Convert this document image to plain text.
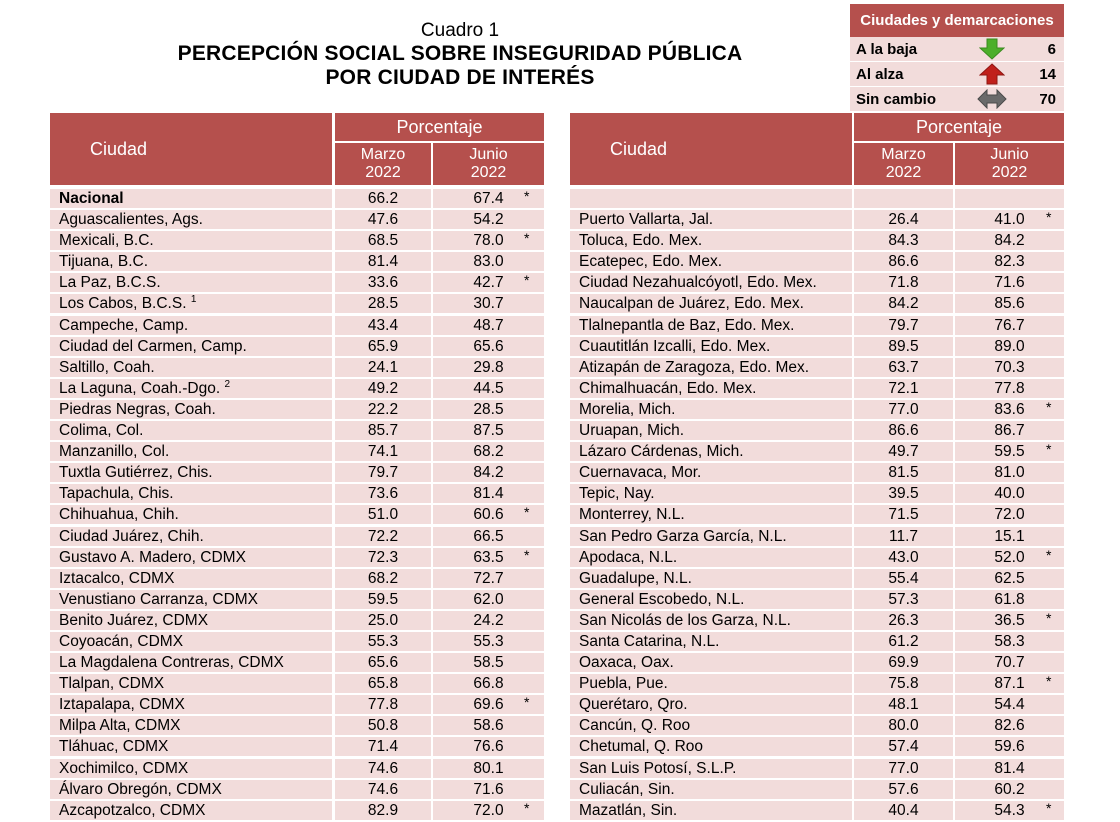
Cuadro 1
PERCEPCIÓN SOCIAL SOBRE INSEGURIDAD PÚBLICA
POR CIUDAD DE INTERÉS
Ciudades y demarcaciones
A la baja	6
Al alza	14
Sin cambio	70
Ciudad
Porcentaje
Marzo
2022
Junio
2022
Nacional	66.2	67.4	*
Aguascalientes, Ags.	47.6	54.2
Mexicali, B.C.	68.5	78.0	*
Tijuana, B.C.	81.4	83.0
La Paz, B.C.S.	33.6	42.7	*
Los Cabos, B.C.S. $^1$	28.5	30.7
Campeche, Camp.	43.4	48.7
Ciudad del Carmen, Camp.	65.9	65.6
Saltillo, Coah.	24.1	29.8
La Laguna, Coah.-Dgo. $^2$	49.2	44.5
Piedras Negras, Coah.	22.2	28.5
Colima, Col.	85.7	87.5
Manzanillo, Col.	74.1	68.2
Tuxtla Gutiérrez, Chis.	79.7	84.2
Tapachula, Chis.	73.6	81.4
Chihuahua, Chih.	51.0	60.6	*
Ciudad Juárez, Chih.	72.2	66.5
Gustavo A. Madero, CDMX	72.3	63.5	*
Iztacalco, CDMX	68.2	72.7
Venustiano Carranza, CDMX	59.5	62.0
Benito Juárez, CDMX	25.0	24.2
Coyoacán, CDMX	55.3	55.3
La Magdalena Contreras, CDMX	65.6	58.5
Tlalpan, CDMX	65.8	66.8
Iztapalapa, CDMX	77.8	69.6	*
Milpa Alta, CDMX	50.8	58.6
Tláhuac, CDMX	71.4	76.6
Xochimilco, CDMX	74.6	80.1
Álvaro Obregón, CDMX	74.6	71.6
Azcapotzalco, CDMX	82.9	72.0	*
Ciudad
Porcentaje
Marzo
2022
Junio
2022
Puerto Vallarta, Jal.	26.4	41.0	*
Toluca, Edo. Mex.	84.3	84.2
Ecatepec, Edo. Mex.	86.6	82.3
Ciudad Nezahualcóyotl, Edo. Mex.	71.8	71.6
Naucalpan de Juárez, Edo. Mex.	84.2	85.6
Tlalnepantla de Baz, Edo. Mex.	79.7	76.7
Cuautitlán Izcalli, Edo. Mex.	89.5	89.0
Atizapán de Zaragoza, Edo. Mex.	63.7	70.3
Chimalhuacán, Edo. Mex.	72.1	77.8
Morelia, Mich.	77.0	83.6	*
Uruapan, Mich.	86.6	86.7
Lázaro Cárdenas, Mich.	49.7	59.5	*
Cuernavaca, Mor.	81.5	81.0
Tepic, Nay.	39.5	40.0
Monterrey, N.L.	71.5	72.0
San Pedro Garza García, N.L.	11.7	15.1
Apodaca, N.L.	43.0	52.0	*
Guadalupe, N.L.	55.4	62.5
General Escobedo, N.L.	57.3	61.8
San Nicolás de los Garza, N.L.	26.3	36.5	*
Santa Catarina, N.L.	61.2	58.3
Oaxaca, Oax.	69.9	70.7
Puebla, Pue.	75.8	87.1	*
Querétaro, Qro.	48.1	54.4
Cancún, Q. Roo	80.0	82.6
Chetumal, Q. Roo	57.4	59.6
San Luis Potosí, S.L.P.	77.0	81.4
Culiacán, Sin.	57.6	60.2
Mazatlán, Sin.	40.4	54.3	*
